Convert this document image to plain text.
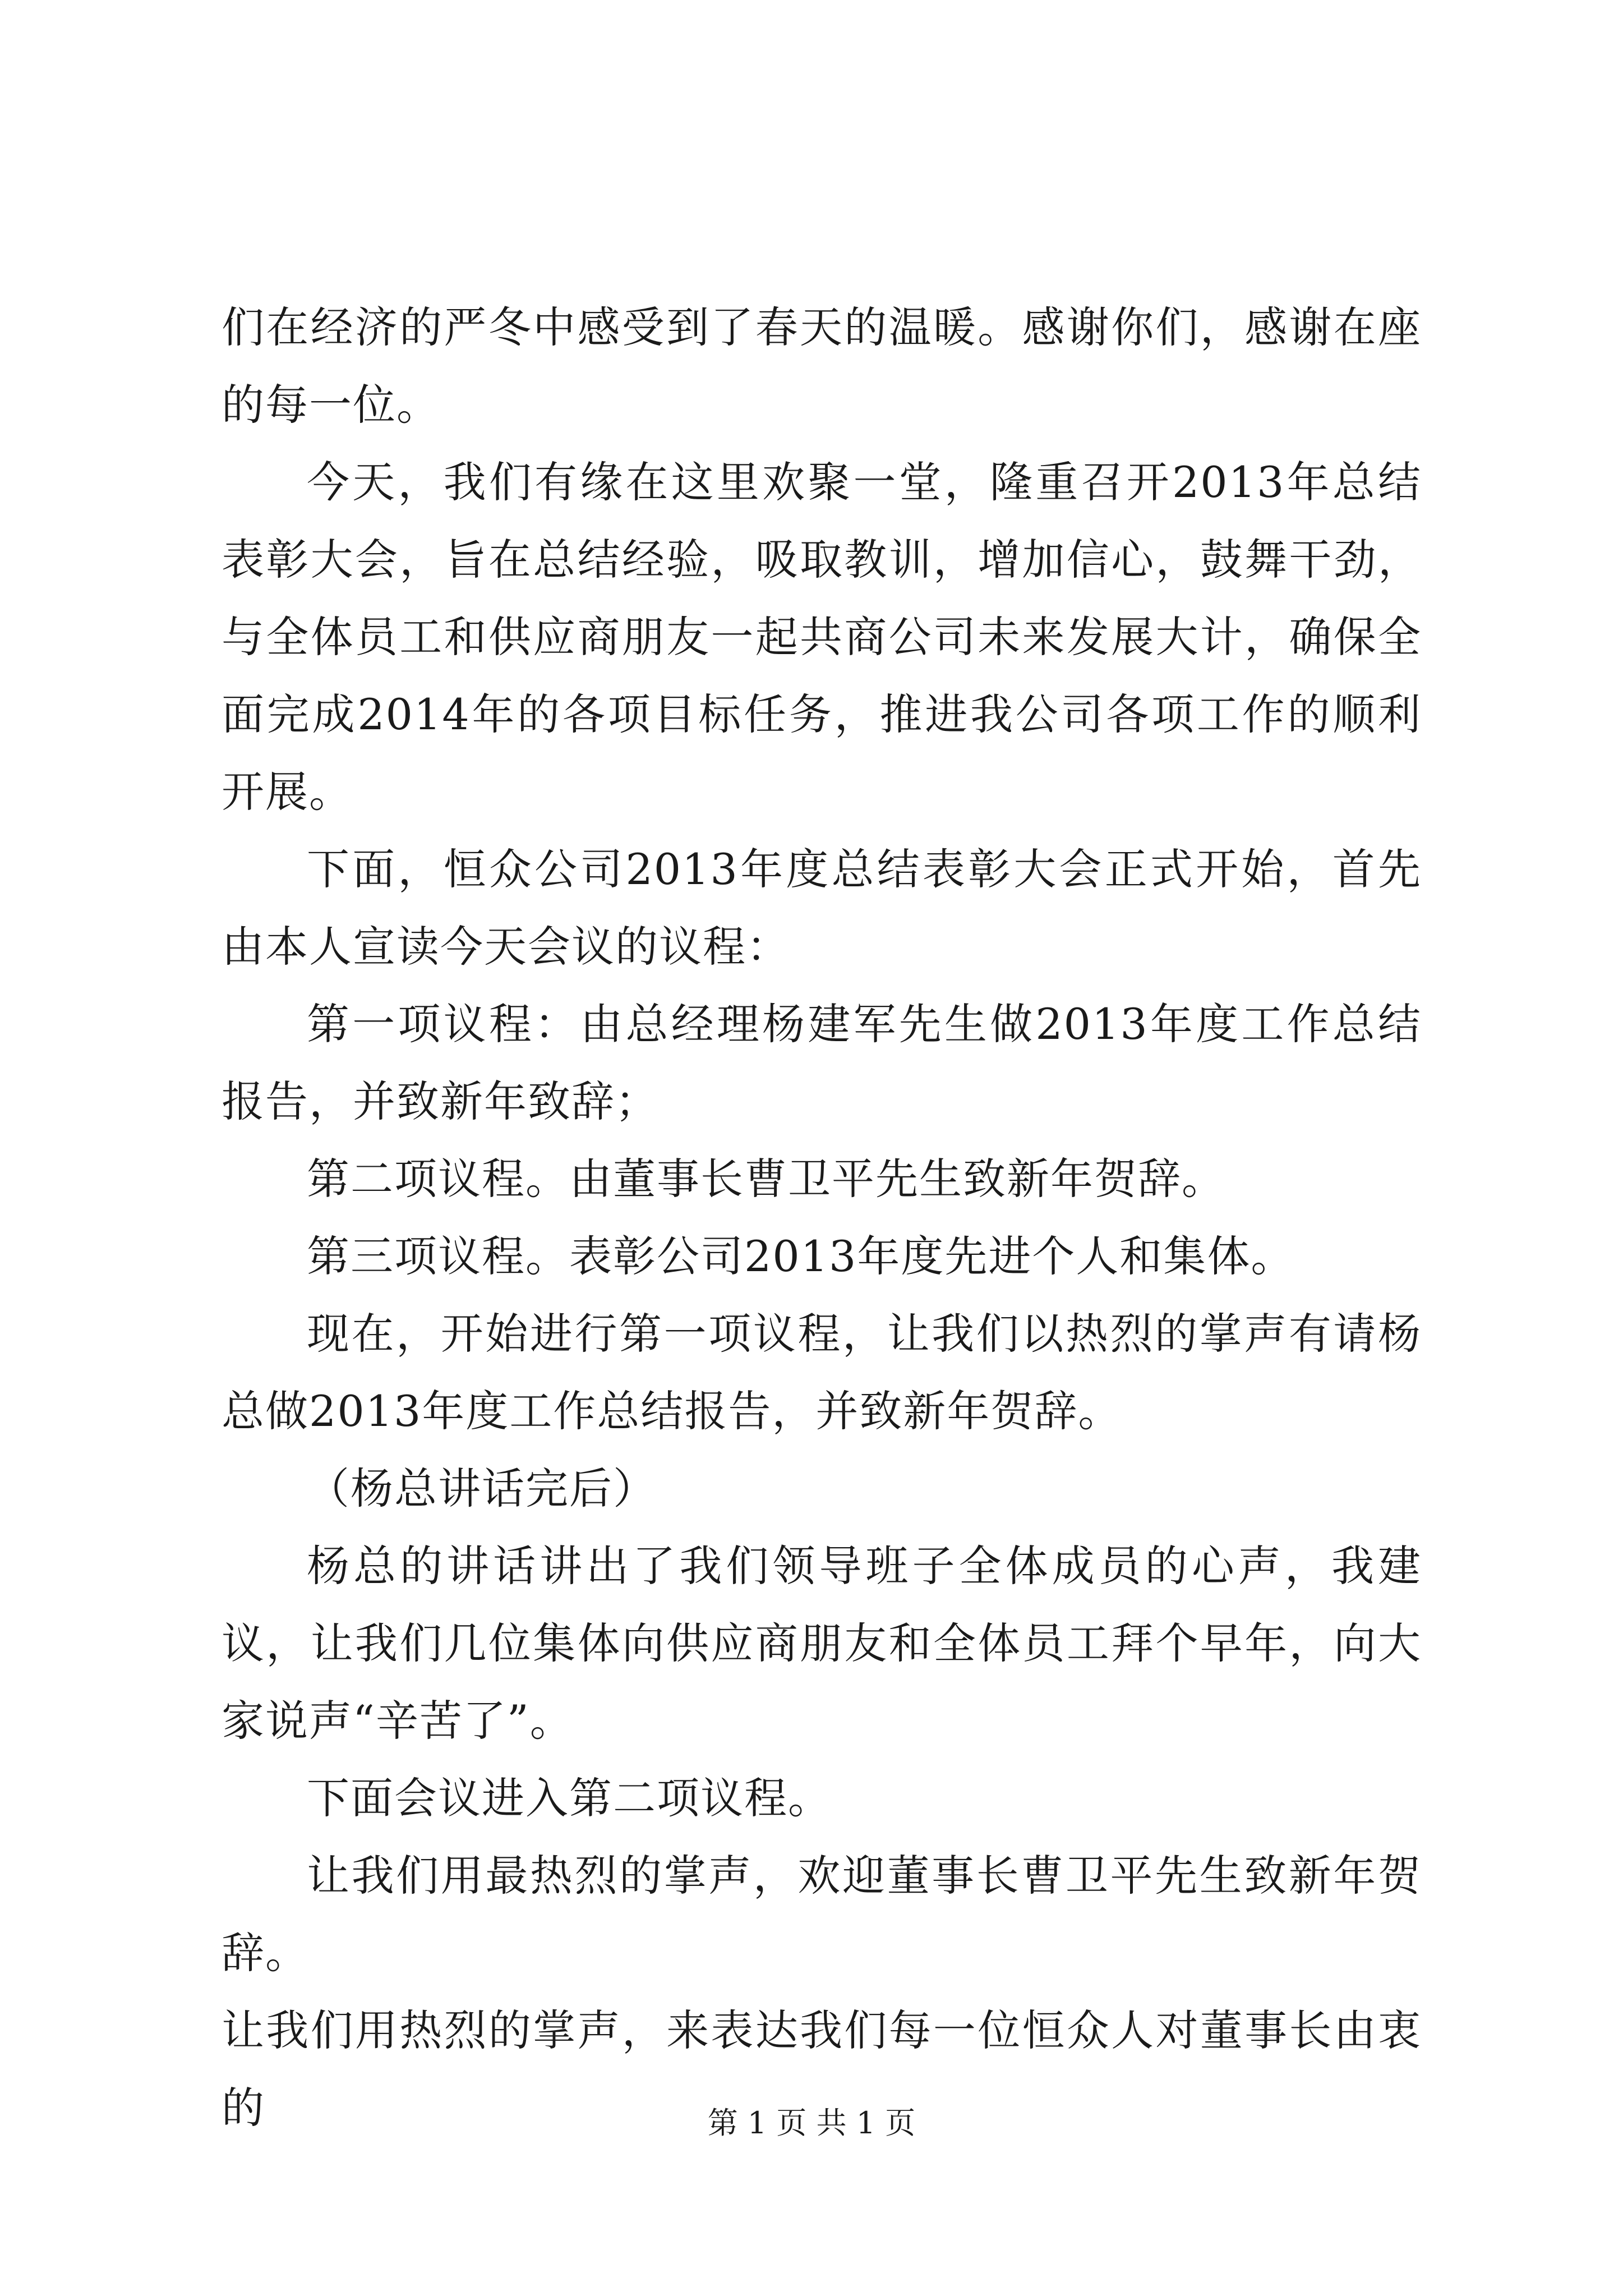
们在经济的严冬中感受到了春天的温暖。感谢你们，感谢在座的每一位。

今天，我们有缘在这里欢聚一堂，隆重召开2013年总结表彰大会，旨在总结经验，吸取教训，增加信心，鼓舞干劲，与全体员工和供应商朋友一起共商公司未来发展大计，确保全面完成2014年的各项目标任务，推进我公司各项工作的顺利开展。

下面，恒众公司2013年度总结表彰大会正式开始，首先由本人宣读今天会议的议程：

第一项议程：由总经理杨建军先生做2013年度工作总结报告，并致新年致辞；

第二项议程。由董事长曹卫平先生致新年贺辞。

第三项议程。表彰公司2013年度先进个人和集体。

现在，开始进行第一项议程，让我们以热烈的掌声有请杨总做2013年度工作总结报告，并致新年贺辞。

（杨总讲话完后）

杨总的讲话讲出了我们领导班子全体成员的心声，我建议，让我们几位集体向供应商朋友和全体员工拜个早年，向大家说声“辛苦了”。

下面会议进入第二项议程。

让我们用最热烈的掌声，欢迎董事长曹卫平先生致新年贺辞。

让我们用热烈的掌声，来表达我们每一位恒众人对董事长由衷的	第 1 页 共 1 页
